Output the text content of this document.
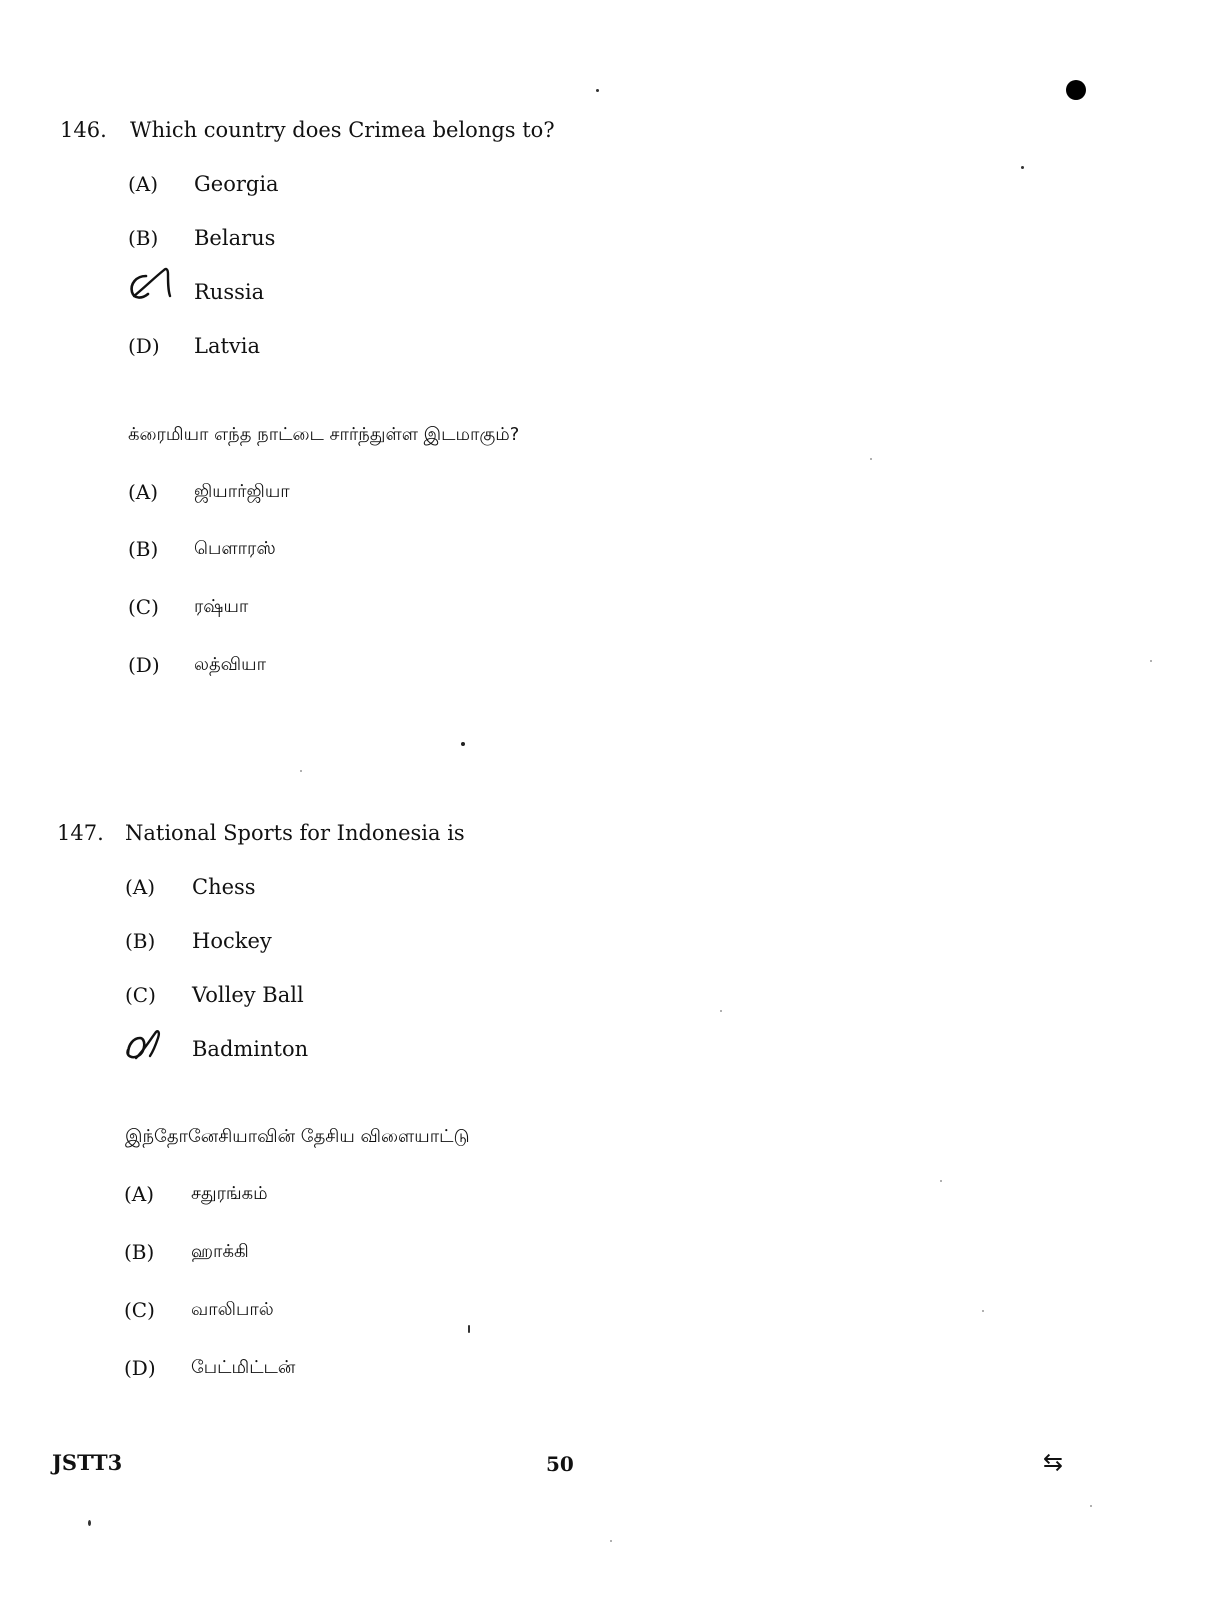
146. Which country does Crimea belongs to?
(A) Georgia
(B) Belarus
Russia
(D) Latvia
க்ரைமியா எந்த நாட்டை சார்ந்துள்ள இடமாகும்?
(A) ஜியார்ஜியா
(B) பெளாரஸ்
(C) ரஷ்யா
(D) லத்வியா
147. National Sports for Indonesia is
(A) Chess
(B) Hockey
(C) Volley Ball
Badminton
இந்தோனேசியாவின் தேசிய விளையாட்டு
(A) சதுரங்கம்
(B) ஹாக்கி
(C) வாலிபால்
(D) பேட்மிட்டன்
JSTT3	50	⇆
